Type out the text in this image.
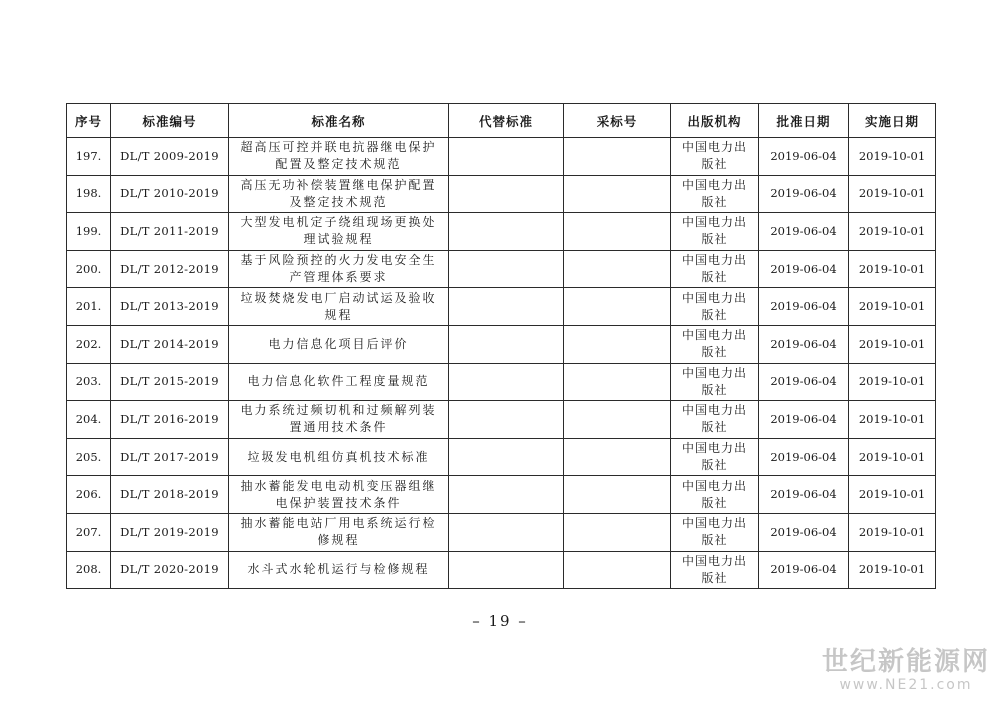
序号	标准编号	标准名称	代替标准	采标号	出版机构	批准日期	实施日期
197.	DL/T 2009-2019	超高压可控并联电抗器继电保护配置及整定技术规范			中国电力出版社	2019-06-04	2019-10-01
198.	DL/T 2010-2019	高压无功补偿装置继电保护配置及整定技术规范			中国电力出版社	2019-06-04	2019-10-01
199.	DL/T 2011-2019	大型发电机定子绕组现场更换处理试验规程			中国电力出版社	2019-06-04	2019-10-01
200.	DL/T 2012-2019	基于风险预控的火力发电安全生产管理体系要求			中国电力出版社	2019-06-04	2019-10-01
201.	DL/T 2013-2019	垃圾焚烧发电厂启动试运及验收规程			中国电力出版社	2019-06-04	2019-10-01
202.	DL/T 2014-2019	电力信息化项目后评价			中国电力出版社	2019-06-04	2019-10-01
203.	DL/T 2015-2019	电力信息化软件工程度量规范			中国电力出版社	2019-06-04	2019-10-01
204.	DL/T 2016-2019	电力系统过频切机和过频解列装置通用技术条件			中国电力出版社	2019-06-04	2019-10-01
205.	DL/T 2017-2019	垃圾发电机组仿真机技术标准			中国电力出版社	2019-06-04	2019-10-01
206.	DL/T 2018-2019	抽水蓄能发电电动机变压器组继电保护装置技术条件			中国电力出版社	2019-06-04	2019-10-01
207.	DL/T 2019-2019	抽水蓄能电站厂用电系统运行检修规程			中国电力出版社	2019-06-04	2019-10-01
208.	DL/T 2020-2019	水斗式水轮机运行与检修规程			中国电力出版社	2019-06-04	2019-10-01
– 19 –
世纪新能源网
www.NE21.com
